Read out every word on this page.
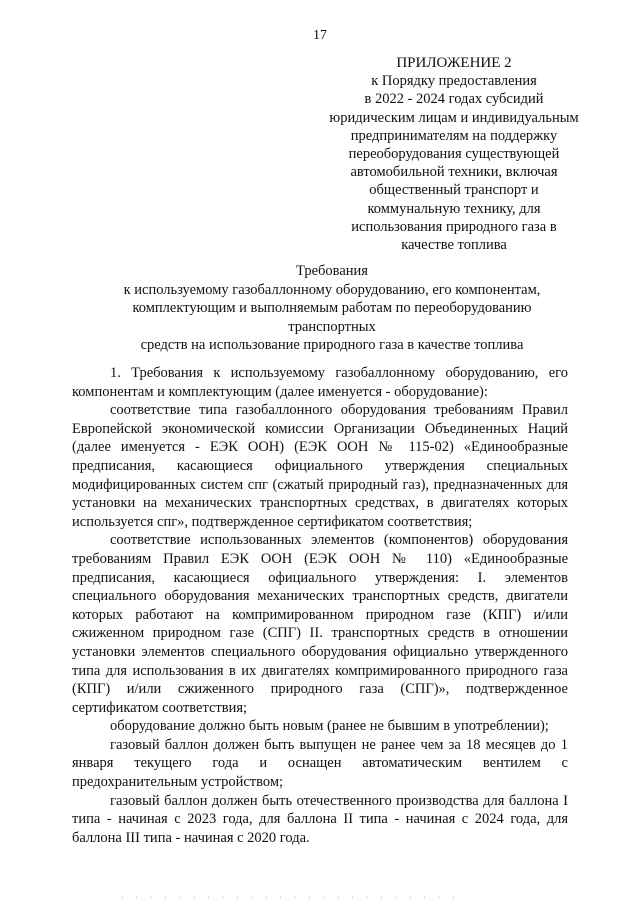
17
ПРИЛОЖЕНИЕ 2
к Порядку предоставления
в 2022 - 2024 годах субсидий
юридическим лицам и индивидуальным
предпринимателям на поддержку
переоборудования существующей
автомобильной техники, включая
общественный транспорт и
коммунальную технику, для
использования природного газа в
качестве топлива
Требования
к используемому газобаллонному оборудованию, его компонентам,
комплектующим и выполняемым работам по переоборудованию транспортных
средств на использование природного газа в качестве топлива

1. Требования к используемому газобаллонному оборудованию, его компонентам и комплектующим (далее именуется - оборудование):

соответствие типа газобаллонного оборудования требованиям Правил Европейской экономической комиссии Организации Объединенных Наций (далее именуется - ЕЭК ООН) (ЕЭК ООН № 115-02) «Единообразные предписания, касающиеся официального утверждения специальных модифицированных систем спг (сжатый природный газ), предназначенных для установки на механических транспортных средствах, в двигателях которых используется спг», подтвержденное сертификатом соответствия;

соответствие использованных элементов (компонентов) оборудования требованиям Правил ЕЭК ООН (ЕЭК ООН № 110) «Единообразные предписания, касающиеся официального утверждения: I. элементов специального оборудования механических транспортных средств, двигатели которых работают на компримированном природном газе (КПГ) и/или сжиженном природном газе (СПГ) II. транспортных средств в отношении установки элементов специального оборудования официально утвержденного типа для использования в их двигателях компримированного природного газа (КПГ) и/или сжиженного природного газа (СПГ)», подтвержденное сертификатом соответствия;

оборудование должно быть новым (ранее не бывшим в употреблении);

газовый баллон должен быть выпущен не ранее чем за 18 месяцев до 1 января текущего года и оснащен автоматическим вентилем с предохранительным устройством;

газовый баллон должен быть отечественного производства для баллона I типа - начиная с 2023 года, для баллона II типа - начиная с 2024 года, для баллона III типа - начиная с 2020 года.

. . . . . . . . . . . . . . . . . . . . . . . .
